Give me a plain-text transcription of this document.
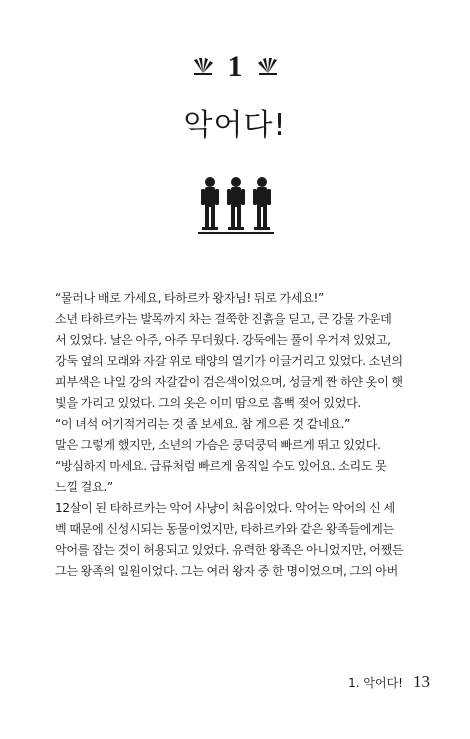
1
악어다!
“물러나 배로 가세요, 타하르카 왕자님! 뒤로 가세요!”
소년 타하르카는 발목까지 차는 걸쭉한 진흙을 딛고, 큰 강물 가운데
서 있었다. 날은 아주, 아주 무더웠다. 강둑에는 풀이 우거져 있었고,
강둑 옆의 모래와 자갈 위로 태양의 열기가 이글거리고 있었다. 소년의
피부색은 나일 강의 자갈같이 검은색이었으며, 성글게 짠 하얀 옷이 햇
빛을 가리고 있었다. 그의 옷은 이미 땀으로 흠뻑 젖어 있었다.
“이 녀석 어기적거리는 것 좀 보세요. 참 게으른 것 같네요.”
말은 그렇게 했지만, 소년의 가슴은 쿵덕쿵덕 빠르게 뛰고 있었다.
“방심하지 마세요. 급류처럼 빠르게 움직일 수도 있어요. 소리도 못
느낄 걸요.”
12살이 된 타하르카는 악어 사냥이 처음이었다. 악어는 악어의 신 세
벡 때문에 신성시되는 동물이었지만, 타하르카와 같은 왕족들에게는
악어를 잡는 것이 허용되고 있었다. 유력한 왕족은 아니었지만, 어쨌든
그는 왕족의 일원이었다. 그는 여러 왕자 중 한 명이었으며, 그의 아버
1. 악어다! 13
